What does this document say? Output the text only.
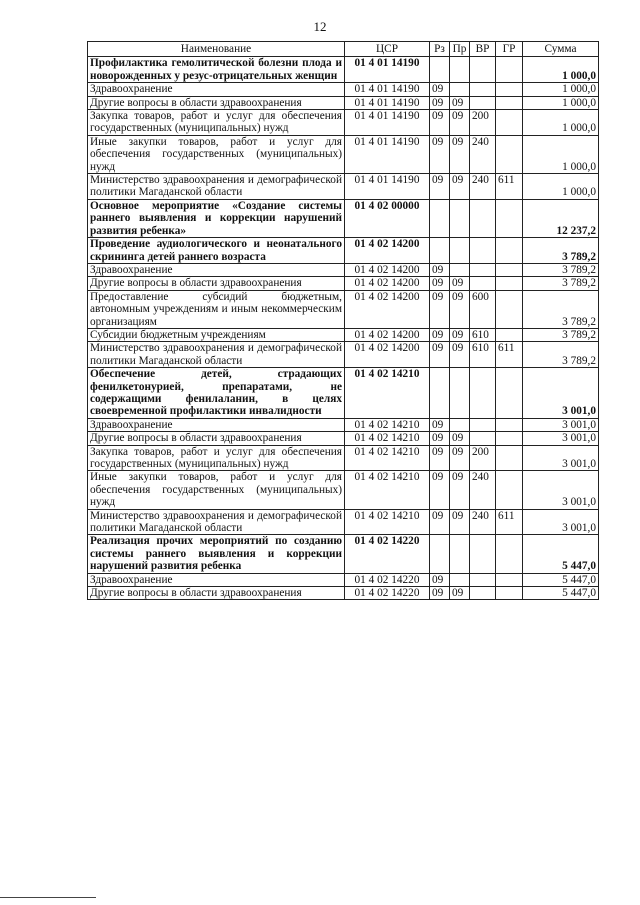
12
Наименование	ЦСР	Рз	Пр	ВР	ГР	Сумма
Профилактика гемолитической болезни плода и новорожденных у резус-отрицательных женщин	01 4 01 14190					1 000,0
Здравоохранение	01 4 01 14190	09				1 000,0
Другие вопросы в области здравоохранения	01 4 01 14190	09	09			1 000,0
Закупка товаров, работ и услуг для обеспечения государственных (муниципальных) нужд	01 4 01 14190	09	09	200		1 000,0
Иные закупки товаров, работ и услуг для обеспечения государственных (муниципальных) нужд	01 4 01 14190	09	09	240		1 000,0
Министерство здравоохранения и демографической политики Магаданской области	01 4 01 14190	09	09	240	611	1 000,0
Основное мероприятие «Создание системы раннего выявления и коррекции нарушений развития ребенка»	01 4 02 00000					12 237,2
Проведение аудиологического и неонатального скрининга детей раннего возраста	01 4 02 14200					3 789,2
Здравоохранение	01 4 02 14200	09				3 789,2
Другие вопросы в области здравоохранения	01 4 02 14200	09	09			3 789,2
Предоставление субсидий бюджетным, автономным учреждениям и иным некоммерческим организациям	01 4 02 14200	09	09	600		3 789,2
Субсидии бюджетным учреждениям	01 4 02 14200	09	09	610		3 789,2
Министерство здравоохранения и демографической политики Магаданской области	01 4 02 14200	09	09	610	611	3 789,2
Обеспечение детей, страдающих фенилкетонурией, препаратами, не содержащими фенилаланин, в целях своевременной профилактики инвалидности	01 4 02 14210					3 001,0
Здравоохранение	01 4 02 14210	09				3 001,0
Другие вопросы в области здравоохранения	01 4 02 14210	09	09			3 001,0
Закупка товаров, работ и услуг для обеспечения государственных (муниципальных) нужд	01 4 02 14210	09	09	200		3 001,0
Иные закупки товаров, работ и услуг для обеспечения государственных (муниципальных) нужд	01 4 02 14210	09	09	240		3 001,0
Министерство здравоохранения и демографической политики Магаданской области	01 4 02 14210	09	09	240	611	3 001,0
Реализация прочих мероприятий по созданию системы раннего выявления и коррекции нарушений развития ребенка	01 4 02 14220					5 447,0
Здравоохранение	01 4 02 14220	09				5 447,0
Другие вопросы в области здравоохранения	01 4 02 14220	09	09			5 447,0
